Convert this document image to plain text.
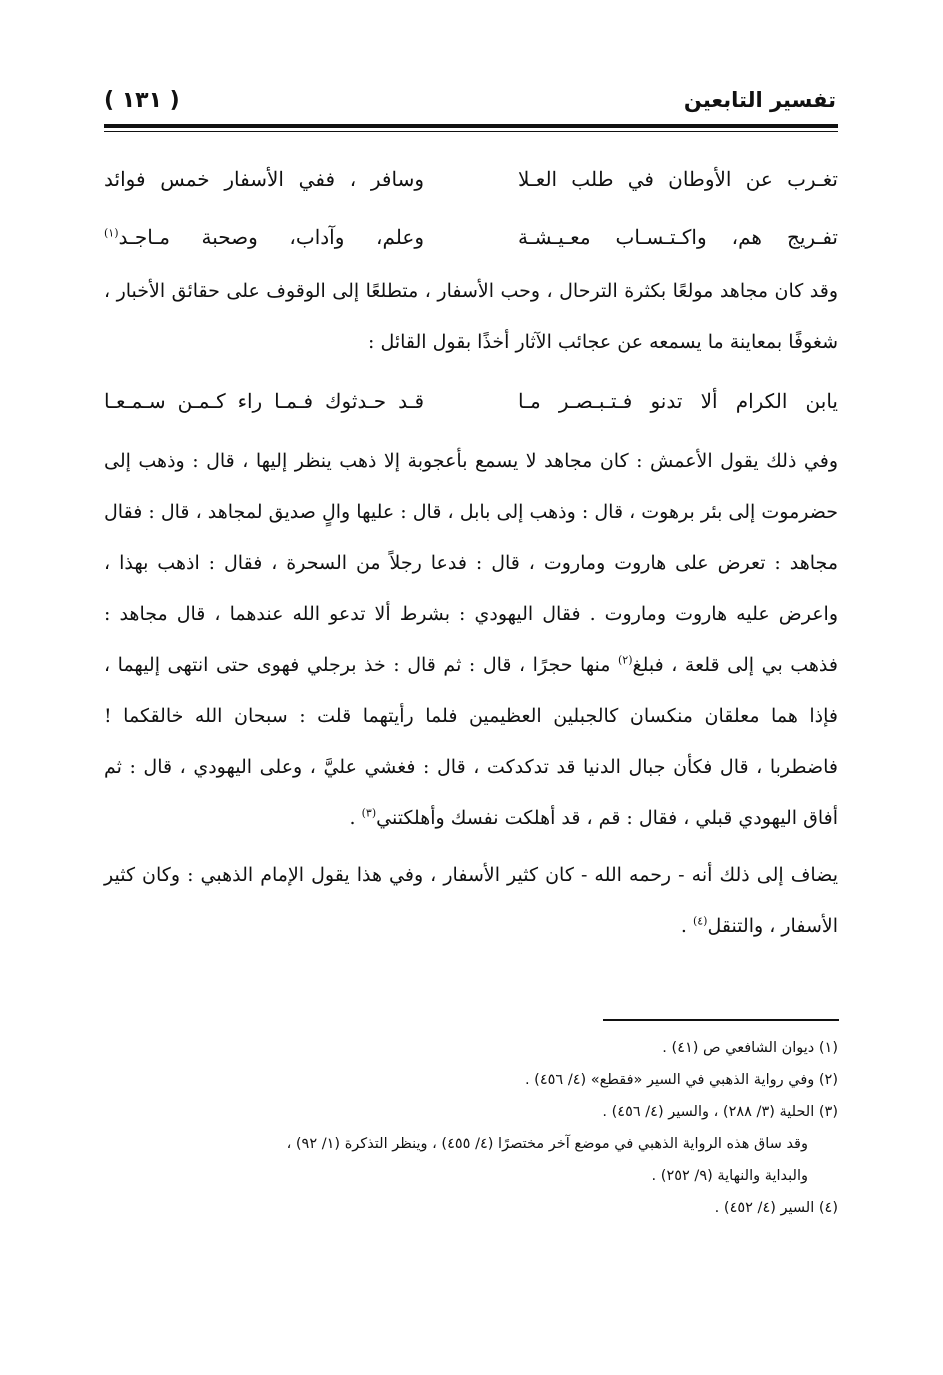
تفسير التابعين
( ١٣١ )
تغـرب عن الأوطان في طلب العـلا
وسافر ، ففي الأسفار خمس فوائد
تفـريج هم، واكـتـسـاب معـيـشـة
وعلم، وآداب، وصحبة مـاجـد$^{(١)}$

وقد كان مجاهد مولعًا بكثرة الترحال ، وحب الأسفار ، متطلعًا إلى الوقوف على حقائق الأخبار ، شغوفًا بمعاينة ما يسمعه عن عجائب الآثار أخذًا بقول القائل :

يابن الكرام ألا تدنو فـتـبـصـر مـا
قـد حـدثوك فـمـا راء كـمـن سـمـعـا

وفي ذلك يقول الأعمش : كان مجاهد لا يسمع بأعجوبة إلا ذهب ينظر إليها ، قال : وذهب إلى حضرموت إلى بئر برهوت ، قال : وذهب إلى بابل ، قال : عليها والٍ صديق لمجاهد ، قال : فقال مجاهد : تعرض على هاروت وماروت ، قال : فدعا رجلاً من السحرة ، فقال : اذهب بهذا ، واعرض عليه هاروت وماروت . فقال اليهودي : بشرط ألا تدعو الله عندهما ، قال مجاهد : فذهب بي إلى قلعة ، فبلغ$^{(٢)}$ منها حجرًا ، قال : ثم قال : خذ برجلي فهوى حتى انتهى إليهما ، فإذا هما معلقان منكسان كالجبلين العظيمين فلما رأيتهما قلت : سبحان الله خالقكما ! فاضطربا ، قال فكأن جبال الدنيا قد تدكدكت ، قال : فغشي عليَّ ، وعلى اليهودي ، قال : ثم أفاق اليهودي قبلي ، فقال : قم ، قد أهلكت نفسك وأهلكتني$^{(٣)}$ .

يضاف إلى ذلك أنه - رحمه الله - كان كثير الأسفار ، وفي هذا يقول الإمام الذهبي : وكان كثير الأسفار ، والتنقل$^{(٤)}$ .

(١) ديوان الشافعي ص (٤١) .
(٢) وفي رواية الذهبي في السير «فقطع» (٤/ ٤٥٦) .
(٣) الحلية (٣/ ٢٨٨) ، والسير (٤/ ٤٥٦) .
وقد ساق هذه الرواية الذهبي في موضع آخر مختصرًا (٤/ ٤٥٥) ، وينظر التذكرة (١/ ٩٢) ،
والبداية والنهاية (٩/ ٢٥٢) .
(٤) السير (٤/ ٤٥٢) .
